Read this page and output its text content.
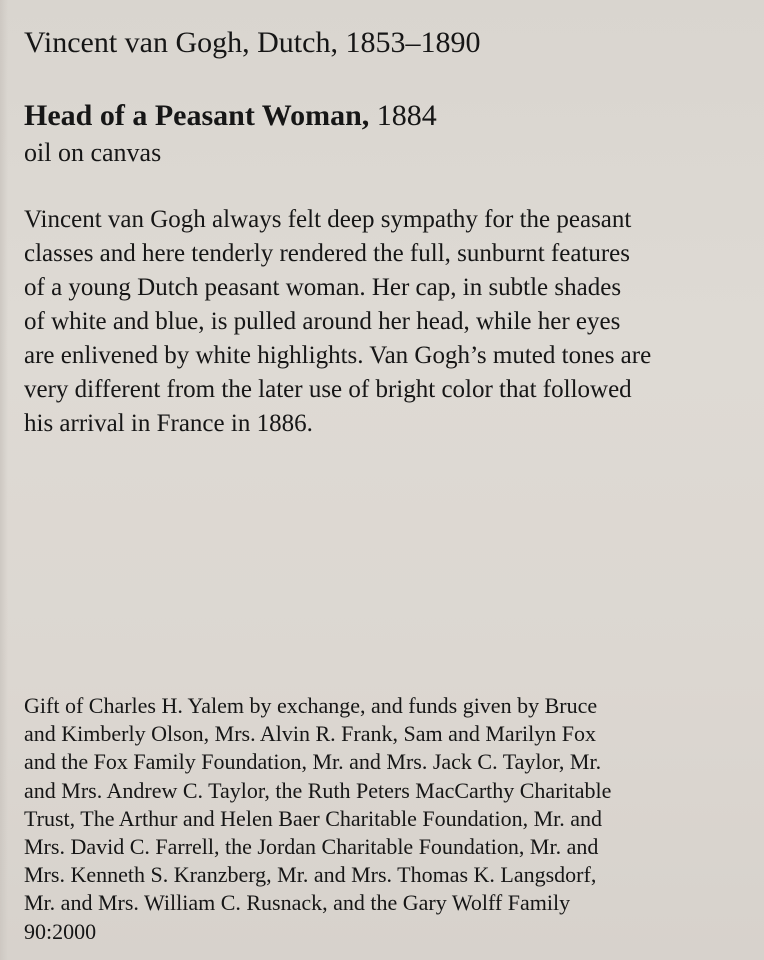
Vincent van Gogh, Dutch, 1853–1890
Head of a Peasant Woman, 1884
oil on canvas
Vincent van Gogh always felt deep sympathy for the peasant
classes and here tenderly rendered the full, sunburnt features
of a young Dutch peasant woman. Her cap, in subtle shades
of white and blue, is pulled around her head, while her eyes
are enlivened by white highlights. Van Gogh’s muted tones are
very different from the later use of bright color that followed
his arrival in France in 1886.
Gift of Charles H. Yalem by exchange, and funds given by Bruce
and Kimberly Olson, Mrs. Alvin R. Frank, Sam and Marilyn Fox
and the Fox Family Foundation, Mr. and Mrs. Jack C. Taylor, Mr.
and Mrs. Andrew C. Taylor, the Ruth Peters MacCarthy Charitable
Trust, The Arthur and Helen Baer Charitable Foundation, Mr. and
Mrs. David C. Farrell, the Jordan Charitable Foundation, Mr. and
Mrs. Kenneth S. Kranzberg, Mr. and Mrs. Thomas K. Langsdorf,
Mr. and Mrs. William C. Rusnack, and the Gary Wolff Family
90:2000
